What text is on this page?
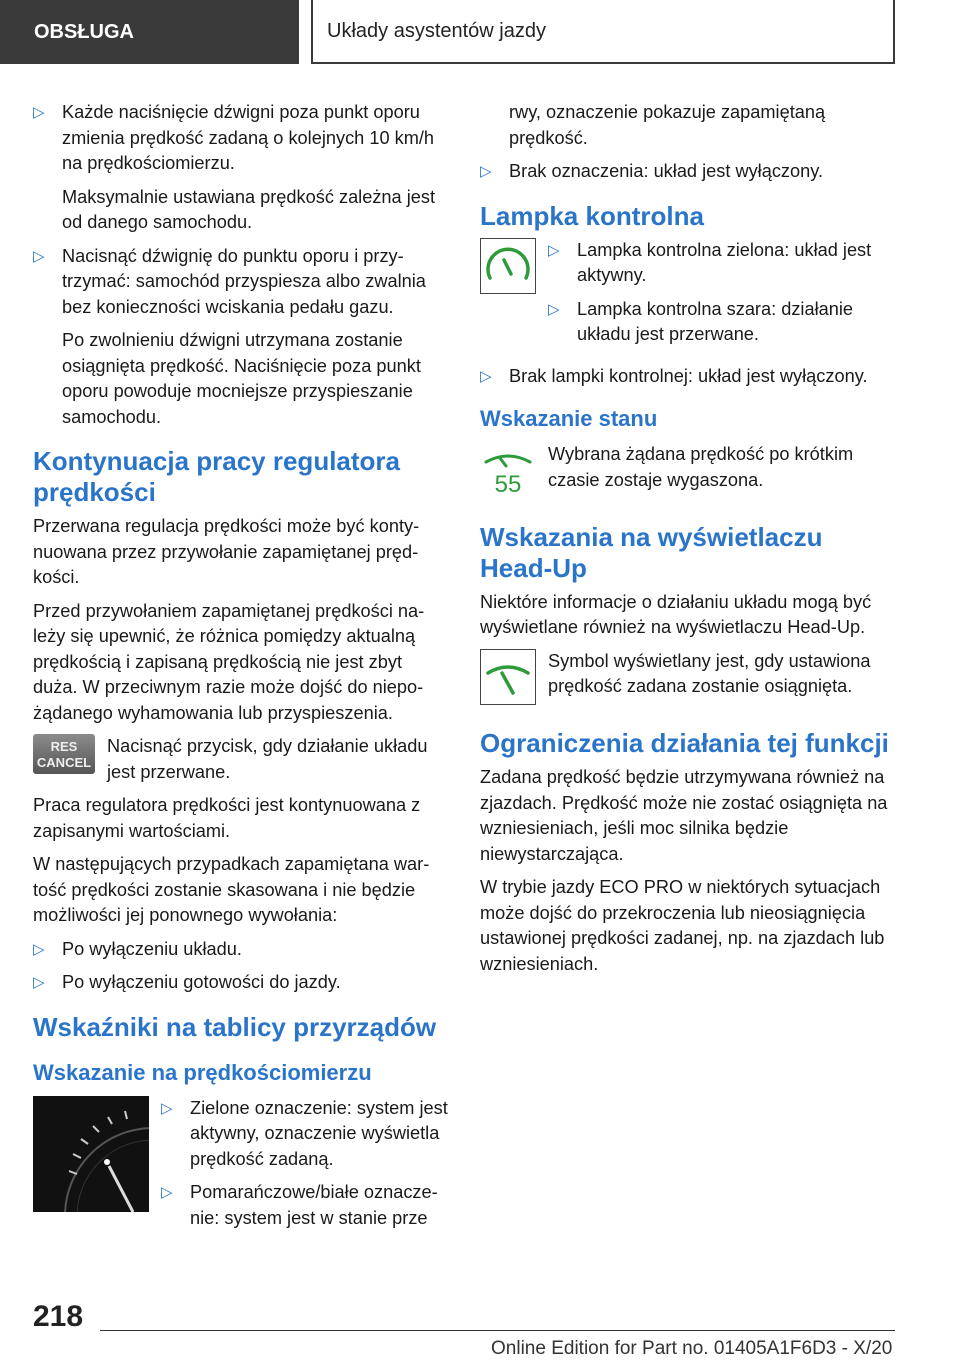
OBSŁUGA	Układy asystentów jazdy
▷ Każde naciśnięcie dźwigni poza punkt oporu zmienia prędkość zadaną o kolejnych 10 km/h na prędkościomierzu.
Maksymalnie ustawiana prędkość zależna jest od danego samochodu.
▷ Nacisnąć dźwignię do punktu oporu i przytrzymać: samochód przyspiesza albo zwalnia bez konieczności wciskania pedału gazu.
Po zwolnieniu dźwigni utrzymana zostanie osiągnięta prędkość. Naciśnięcie poza punkt oporu powoduje mocniejsze przyspieszanie samochodu.
Kontynuacja pracy regulatora prędkości

Przerwana regulacja prędkości może być kontynuowana przez przywołanie zapamiętanej prędkości.

Przed przywołaniem zapamiętanej prędkości należy się upewnić, że różnica pomiędzy aktualną prędkością i zapisaną prędkością nie jest zbyt duża. W przeciwnym razie może dojść do niepożądanego wyhamowania lub przyspieszenia.

RES
CANCEL
Nacisnąć przycisk, gdy działanie układu jest przerwane.

Praca regulatora prędkości jest kontynuowana z zapisanymi wartościami.

W następujących przypadkach zapamiętana wartość prędkości zostanie skasowana i nie będzie możliwości jej ponownego wywołania:

▷ Po wyłączeniu układu.
▷ Po wyłączeniu gotowości do jazdy.
Wskaźniki na tablicy przyrządów
Wskazanie na prędkościomierzu
▷ Zielone oznaczenie: system jest aktywny, oznaczenie wyświetla prędkość zadaną.
▷ Pomarańczowe/białe oznaczenie: system jest w stanie prze
rwy, oznaczenie pokazuje zapamiętaną prędkość.
▷ Brak oznaczenia: układ jest wyłączony.
Lampka kontrolna
▷ Lampka kontrolna zielona: układ jest aktywny.
▷ Lampka kontrolna szara: działanie układu jest przerwane.
▷ Brak lampki kontrolnej: układ jest wyłączony.
Wskazanie stanu
55
Wybrana żądana prędkość po krótkim czasie zostaje wygaszona.
Wskazania na wyświetlaczu Head-Up

Niektóre informacje o działaniu układu mogą być wyświetlane również na wyświetlaczu Head-Up.

Symbol wyświetlany jest, gdy ustawiona prędkość zadana zostanie osiągnięta.
Ograniczenia działania tej funkcji

Zadana prędkość będzie utrzymywana również na zjazdach. Prędkość może nie zostać osiągnięta na wzniesieniach, jeśli moc silnika będzie niewystarczająca.

W trybie jazdy ECO PRO w niektórych sytuacjach może dojść do przekroczenia lub nieosiągnięcia ustawionej prędkości zadanej, np. na zjazdach lub wzniesieniach.

218
Online Edition for Part no. 01405A1F6D3 - X/20
